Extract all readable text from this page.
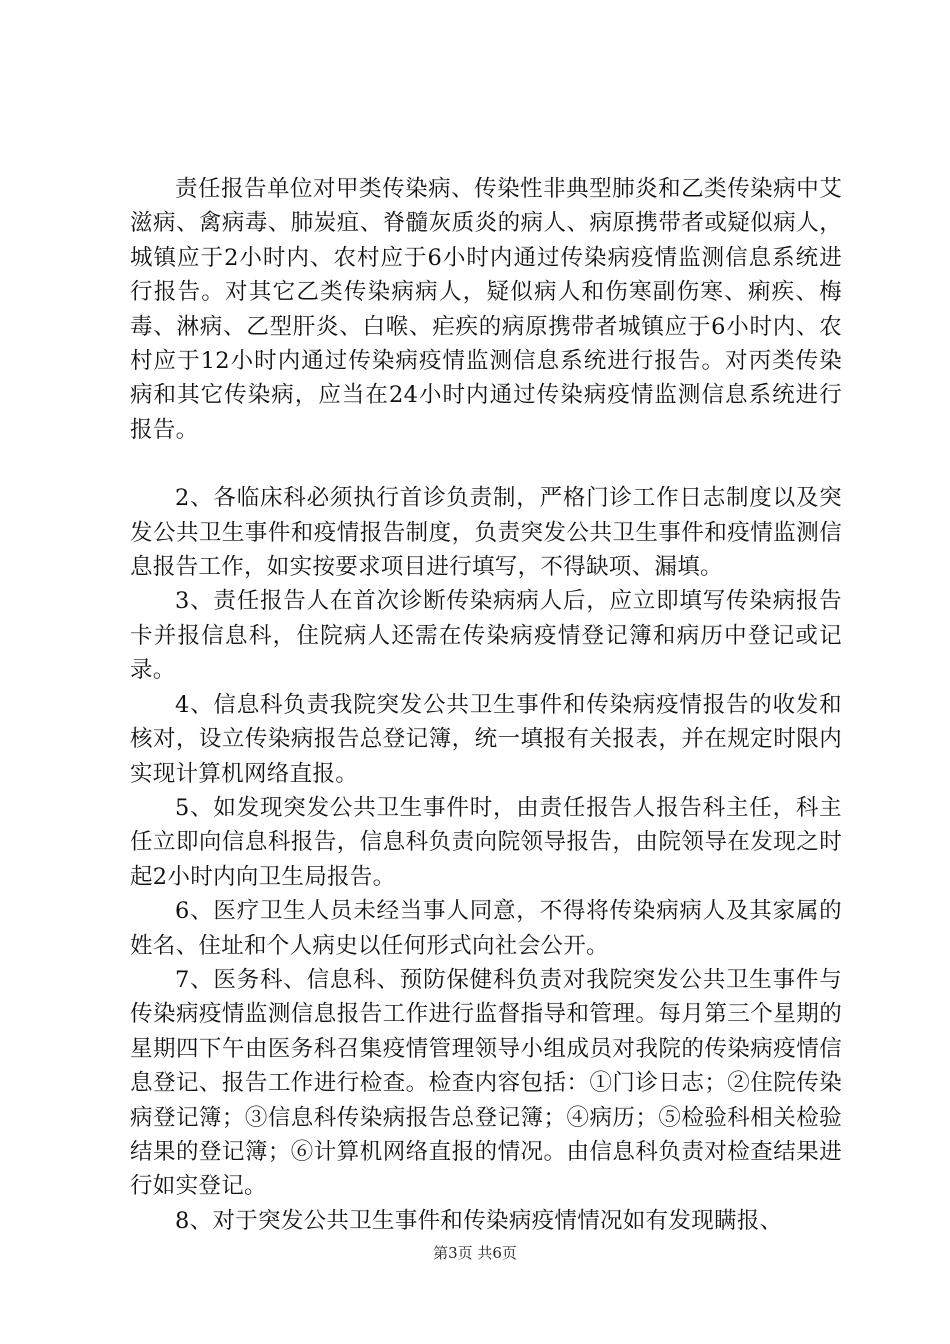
责任报告单位对甲类传染病、传染性非典型肺炎和乙类传染病中艾滋病、禽病毒、肺炭疽、脊髓灰质炎的病人、病原携带者或疑似病人，城镇应于2小时内、农村应于6小时内通过传染病疫情监测信息系统进行报告。对其它乙类传染病病人，疑似病人和伤寒副伤寒、痢疾、梅毒、淋病、乙型肝炎、白喉、疟疾的病原携带者城镇应于6小时内、农村应于12小时内通过传染病疫情监测信息系统进行报告。对丙类传染病和其它传染病，应当在24小时内通过传染病疫情监测信息系统进行报告。

2、各临床科必须执行首诊负责制，严格门诊工作日志制度以及突发公共卫生事件和疫情报告制度，负责突发公共卫生事件和疫情监测信息报告工作，如实按要求项目进行填写，不得缺项、漏填。

3、责任报告人在首次诊断传染病病人后，应立即填写传染病报告卡并报信息科，住院病人还需在传染病疫情登记簿和病历中登记或记录。

4、信息科负责我院突发公共卫生事件和传染病疫情报告的收发和核对，设立传染病报告总登记簿，统一填报有关报表，并在规定时限内实现计算机网络直报。

5、如发现突发公共卫生事件时，由责任报告人报告科主任，科主任立即向信息科报告，信息科负责向院领导报告，由院领导在发现之时起2小时内向卫生局报告。

6、医疗卫生人员未经当事人同意，不得将传染病病人及其家属的姓名、住址和个人病史以任何形式向社会公开。

7、医务科、信息科、预防保健科负责对我院突发公共卫生事件与传染病疫情监测信息报告工作进行监督指导和管理。每月第三个星期的星期四下午由医务科召集疫情管理领导小组成员对我院的传染病疫情信息登记、报告工作进行检查。检查内容包括：①门诊日志；②住院传染病登记簿；③信息科传染病报告总登记簿；④病历；⑤检验科相关检验结果的登记簿；⑥计算机网络直报的情况。由信息科负责对检查结果进行如实登记。

8、对于突发公共卫生事件和传染病疫情情况如有发现瞒报、

第3页 共6页
